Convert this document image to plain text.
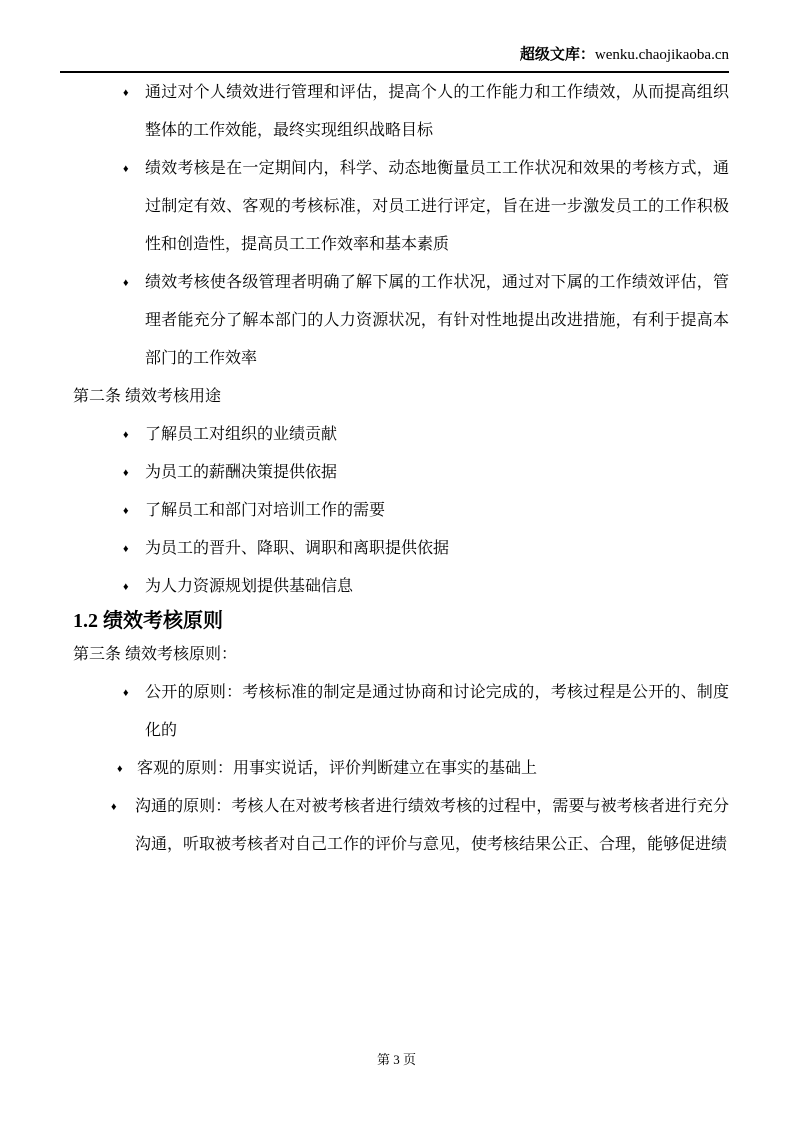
超级文库：wenku.chaojikaoba.cn
♦ 通过对个人绩效进行管理和评估，提高个人的工作能力和工作绩效，从而提高组织整体的工作效能，最终实现组织战略目标
♦ 绩效考核是在一定期间内，科学、动态地衡量员工工作状况和效果的考核方式，通过制定有效、客观的考核标准，对员工进行评定，旨在进一步激发员工的工作积极性和创造性，提高员工工作效率和基本素质
♦ 绩效考核使各级管理者明确了解下属的工作状况，通过对下属的工作绩效评估，管理者能充分了解本部门的人力资源状况，有针对性地提出改进措施，有利于提高本部门的工作效率
第二条 绩效考核用途
♦ 了解员工对组织的业绩贡献
♦ 为员工的薪酬决策提供依据
♦ 了解员工和部门对培训工作的需要
♦ 为员工的晋升、降职、调职和离职提供依据
♦ 为人力资源规划提供基础信息
1.2 绩效考核原则
第三条 绩效考核原则：
♦ 公开的原则：考核标准的制定是通过协商和讨论完成的，考核过程是公开的、制度化的
♦ 客观的原则：用事实说话，评价判断建立在事实的基础上
♦ 沟通的原则：考核人在对被考核者进行绩效考核的过程中，需要与被考核者进行充分沟通，听取被考核者对自己工作的评价与意见，使考核结果公正、合理，能够促进绩
第 3 页
